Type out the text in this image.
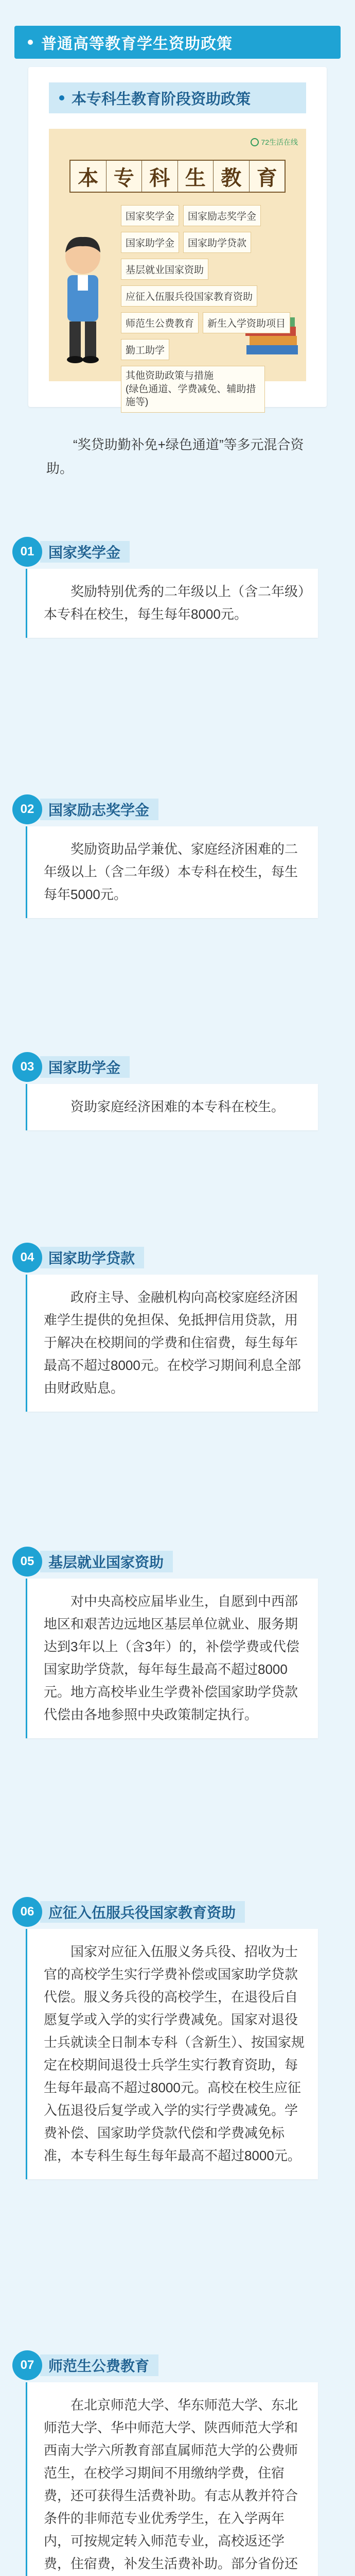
普通高等教育学生资助政策
本专科生教育阶段资助政策
72生活在线
本 专 科 生 教 育
国家奖学金	国家励志奖学金
国家助学金	国家助学贷款
基层就业国家资助
应征入伍服兵役国家教育资助
师范生公费教育	新生入学资助项目
勤工助学
其他资助政策与措施
(绿色通道、学费减免、辅助措施等)
“奖贷助勤补免+绿色通道”等多元混合资助。
国家奖学金
01

奖励特别优秀的二年级以上（含二年级）本专科在校生，每生每年8000元。

国家励志奖学金
02

奖励资助品学兼优、家庭经济困难的二年级以上（含二年级）本专科在校生，每生每年5000元。

国家助学金
03

资助家庭经济困难的本专科在校生。

国家助学贷款
04

政府主导、金融机构向高校家庭经济困难学生提供的免担保、免抵押信用贷款，用于解决在校期间的学费和住宿费，每生每年最高不超过8000元。在校学习期间利息全部由财政贴息。

基层就业国家资助
05

对中央高校应届毕业生，自愿到中西部地区和艰苦边远地区基层单位就业、服务期达到3年以上（含3年）的，补偿学费或代偿国家助学贷款，每年每生最高不超过8000元。地方高校毕业生学费补偿国家助学贷款代偿由各地参照中央政策制定执行。

应征入伍服兵役国家教育资助
06

国家对应征入伍服义务兵役、招收为士官的高校学生实行学费补偿或国家助学贷款代偿。服义务兵役的高校学生，在退役后自愿复学或入学的实行学费减免。国家对退役士兵就读全日制本专科（含新生）、按国家规定在校期间退役士兵学生实行教育资助，每生每年最高不超过8000元。高校在校生应征入伍退役后复学或入学的实行学费减免。学费补偿、国家助学贷款代偿和学费减免标准，本专科生每生每年最高不超过8000元。

师范生公费教育
07

在北京师范大学、华东师范大学、东北师范大学、华中师范大学、陕西师范大学和西南大学六所教育部直属师范大学的公费师范生，在校学习期间不用缴纳学费，住宿费，还可获得生活费补助。有志从教并符合条件的非师范专业优秀学生，在入学两年内，可按规定转入师范专业，高校返还学费，住宿费，补发生活费补助。部分省份还
